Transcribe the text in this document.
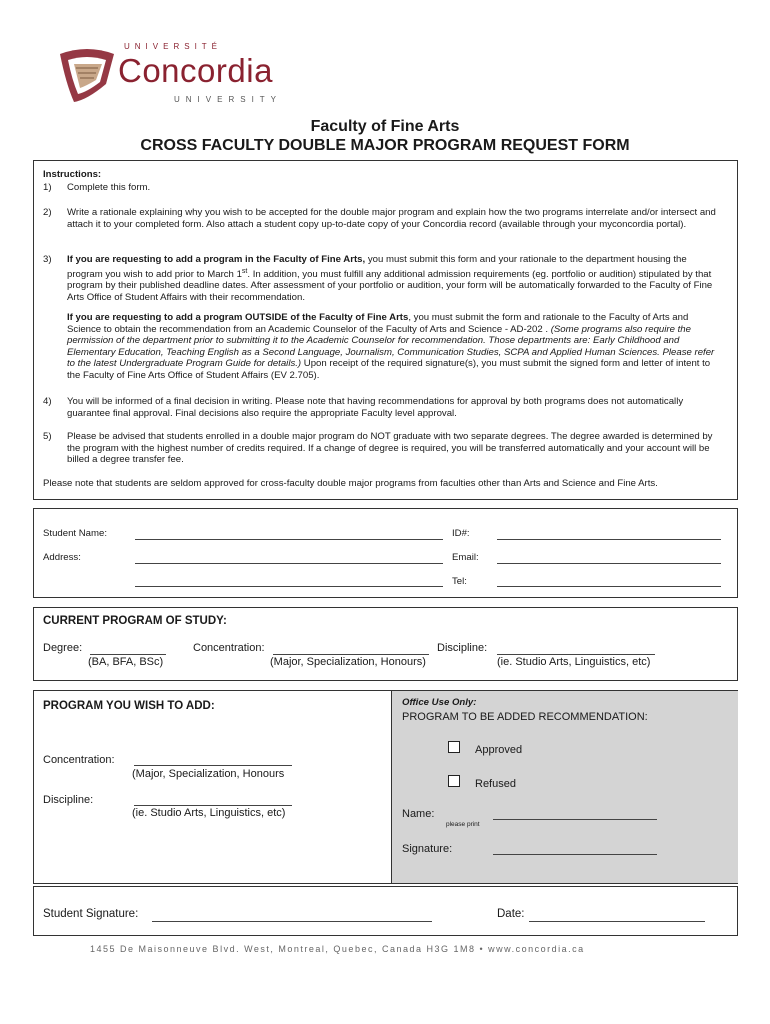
UNIVERSITÉ
Concordia
UNIVERSITY
Faculty of Fine Arts
CROSS FACULTY DOUBLE MAJOR PROGRAM REQUEST FORM
Instructions:
1) Complete this form.
2) Write a rationale explaining why you wish to be accepted for the double major program and explain how the two programs interrelate and/or intersect and attach it to your completed form. Also attach a student copy up-to-date copy of your Concordia record (available through your myconcordia portal).
3) If you are requesting to add a program in the Faculty of Fine Arts, you must submit this form and your rationale to the department housing the program you wish to add prior to March 1st. In addition, you must fulfill any additional admission requirements (eg. portfolio or audition) stipulated by that program by their published deadline dates. After assessment of your portfolio or audition, your form will be automatically forwarded to the Faculty of Fine Arts Office of Student Affairs with their recommendation.
If you are requesting to add a program OUTSIDE of the Faculty of Fine Arts, you must submit the form and rationale to the Faculty of Arts and Science to obtain the recommendation from an Academic Counselor of the Faculty of Arts and Science - AD-202 . (Some programs also require the permission of the department prior to submitting it to the Academic Counselor for recommendation. Those departments are: Early Childhood and Elementary Education, Teaching English as a Second Language, Journalism, Communication Studies, SCPA and Applied Human Sciences. Please refer to the latest Undergraduate Program Guide for details.) Upon receipt of the required signature(s), you must submit the signed form and letter of intent to the Faculty of Fine Arts Office of Student Affairs (EV 2.705).
4) You will be informed of a final decision in writing. Please note that having recommendations for approval by both programs does not automatically guarantee final approval. Final decisions also require the appropriate Faculty level approval.
5) Please be advised that students enrolled in a double major program do NOT graduate with two separate degrees. The degree awarded is determined by the program with the highest number of credits required. If a change of degree is required, you will be transferred automatically and your account will be billed a degree transfer fee.
Please note that students are seldom approved for cross-faculty double major programs from faculties other than Arts and Science and Fine Arts.
Student Name:	ID#:
Address:	Email:
Tel:
CURRENT PROGRAM OF STUDY:
Degree:
(BA, BFA, BSc)
Concentration:
(Major, Specialization, Honours)
Discipline:
(ie. Studio Arts, Linguistics, etc)
PROGRAM YOU WISH TO ADD:
Concentration:
(Major, Specialization, Honours
Discipline:
(ie. Studio Arts, Linguistics, etc)
Office Use Only:
PROGRAM TO BE ADDED RECOMMENDATION:
Approved
Refused
Name:
please print
Signature:
Student Signature:	Date:
1455 De Maisonneuve Blvd. West, Montreal, Quebec, Canada H3G 1M8 • www.concordia.ca
